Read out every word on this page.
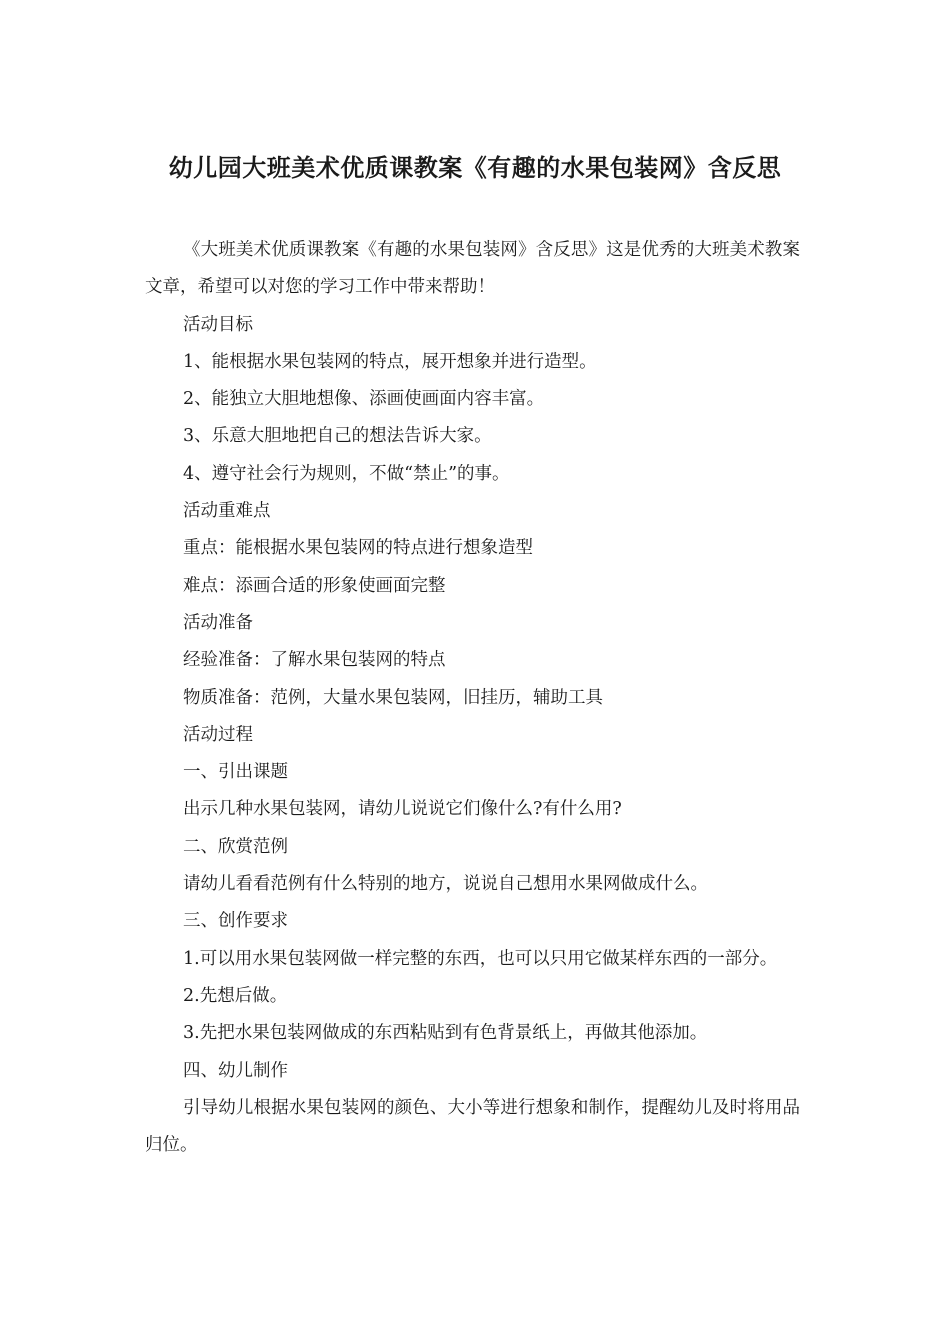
幼儿园大班美术优质课教案《有趣的水果包装网》含反思

《大班美术优质课教案《有趣的水果包装网》含反思》这是优秀的大班美术教案文章，希望可以对您的学习工作中带来帮助！

活动目标

1、能根据水果包装网的特点，展开想象并进行造型。

2、能独立大胆地想像、添画使画面内容丰富。

3、乐意大胆地把自己的想法告诉大家。

4、遵守社会行为规则，不做“禁止”的事。

活动重难点

重点：能根据水果包装网的特点进行想象造型

难点：添画合适的形象使画面完整

活动准备

经验准备：了解水果包装网的特点

物质准备：范例，大量水果包装网，旧挂历，辅助工具

活动过程

一、引出课题

出示几种水果包装网，请幼儿说说它们像什么?有什么用?

二、欣赏范例

请幼儿看看范例有什么特别的地方，说说自己想用水果网做成什么。

三、创作要求

1.可以用水果包装网做一样完整的东西，也可以只用它做某样东西的一部分。

2.先想后做。

3.先把水果包装网做成的东西粘贴到有色背景纸上，再做其他添加。

四、幼儿制作

引导幼儿根据水果包装网的颜色、大小等进行想象和制作，提醒幼儿及时将用品归位。
